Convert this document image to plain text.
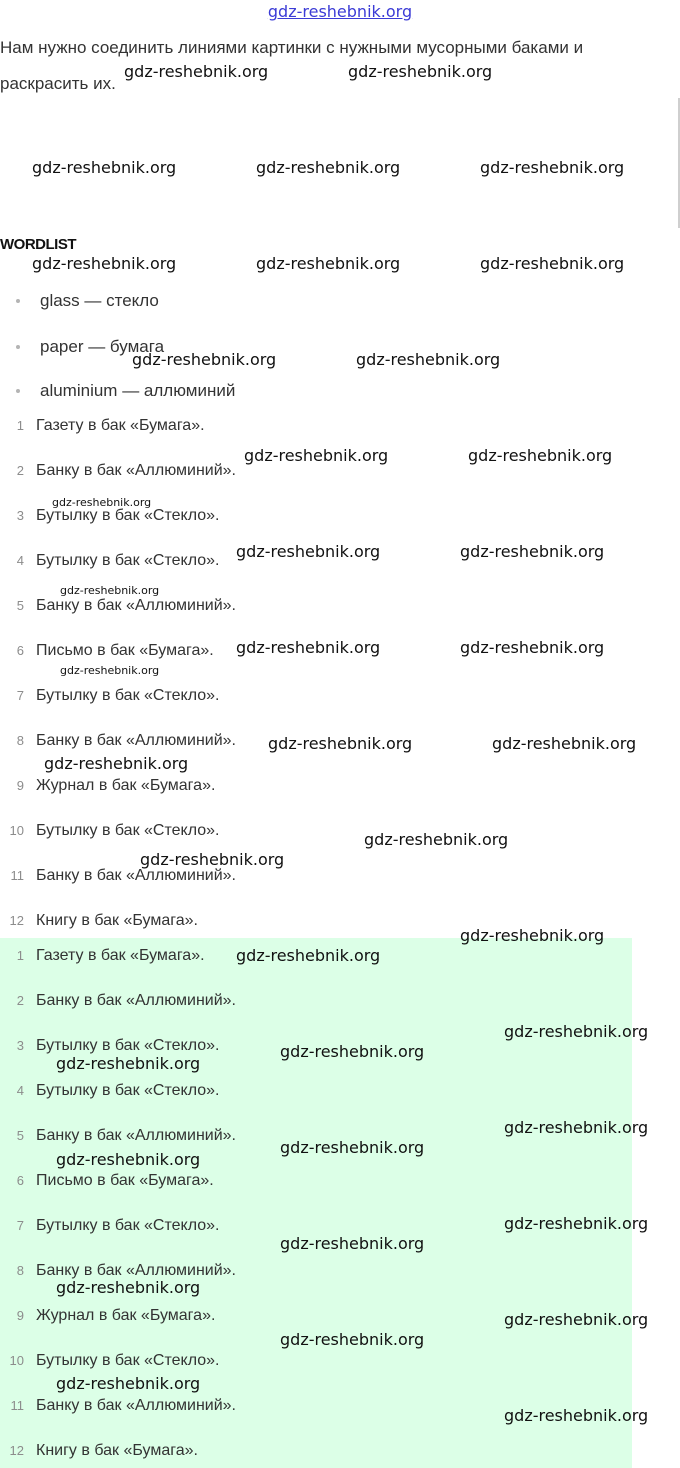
gdz-reshebnik.org
Нам нужно соединить линиями картинки с нужными мусорными баками и раскрасить их.
WORDLIST
glass — стекло
paper — бумага
aluminium — аллюминий
1 Газету в бак «Бумага».
2 Банку в бак «Аллюминий».
3 Бутылку в бак «Стекло».
4 Бутылку в бак «Стекло».
5 Банку в бак «Аллюминий».
6 Письмо в бак «Бумага».
7 Бутылку в бак «Стекло».
8 Банку в бак «Аллюминий».
9 Журнал в бак «Бумага».
10 Бутылку в бак «Стекло».
11 Банку в бак «Аллюминий».
12 Книгу в бак «Бумага».
1 Газету в бак «Бумага».
2 Банку в бак «Аллюминий».
3 Бутылку в бак «Стекло».
4 Бутылку в бак «Стекло».
5 Банку в бак «Аллюминий».
6 Письмо в бак «Бумага».
7 Бутылку в бак «Стекло».
8 Банку в бак «Аллюминий».
9 Журнал в бак «Бумага».
10 Бутылку в бак «Стекло».
11 Банку в бак «Аллюминий».
12 Книгу в бак «Бумага».
gdz-reshebnik.org	gdz-reshebnik.org
gdz-reshebnik.org	gdz-reshebnik.org	gdz-reshebnik.org
gdz-reshebnik.org	gdz-reshebnik.org	gdz-reshebnik.org
gdz-reshebnik.org	gdz-reshebnik.org
gdz-reshebnik.org	gdz-reshebnik.org
gdz-reshebnik.org
gdz-reshebnik.org	gdz-reshebnik.org
gdz-reshebnik.org
gdz-reshebnik.org	gdz-reshebnik.org
gdz-reshebnik.org
gdz-reshebnik.org	gdz-reshebnik.org
gdz-reshebnik.org
gdz-reshebnik.org
gdz-reshebnik.org
gdz-reshebnik.org
gdz-reshebnik.org
gdz-reshebnik.org
gdz-reshebnik.org
gdz-reshebnik.org
gdz-reshebnik.org
gdz-reshebnik.org
gdz-reshebnik.org
gdz-reshebnik.org
gdz-reshebnik.org
gdz-reshebnik.org
gdz-reshebnik.org
gdz-reshebnik.org
gdz-reshebnik.org
gdz-reshebnik.org
